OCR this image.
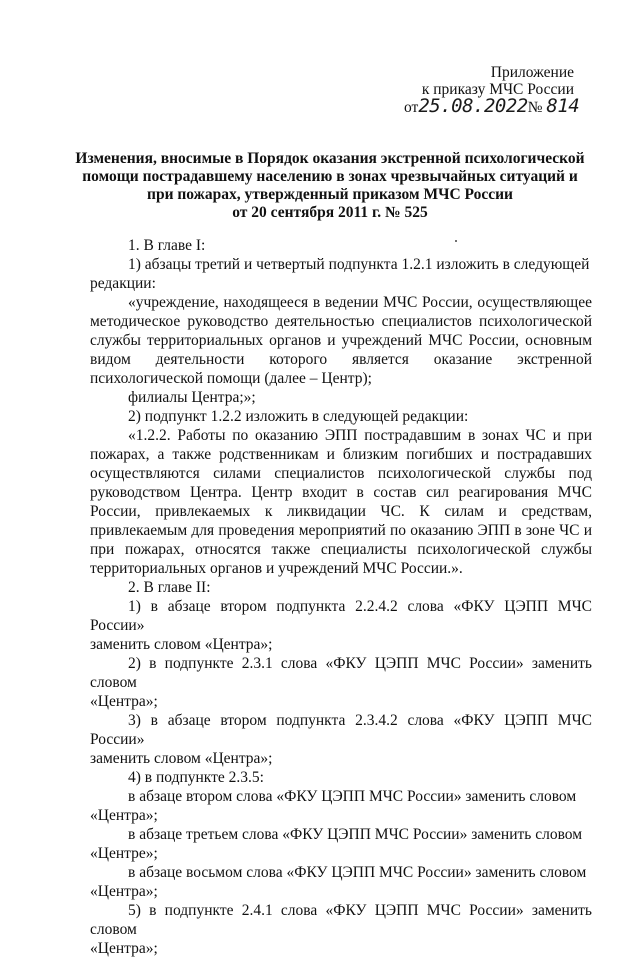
Приложение
к приказу МЧС России
от25.08.2022№ 814
Изменения, вносимые в Порядок оказания экстренной психологической
помощи пострадавшему населению в зонах чрезвычайных ситуаций и
при пожарах, утвержденный приказом МЧС России
от 20 сентября 2011 г. № 525

1. В главе I:

1) абзацы третий и четвертый подпункта 1.2.1 изложить в следующей

редакции:

«учреждение, находящееся в ведении МЧС России, осуществляющее методическое руководство деятельностью специалистов психологической службы территориальных органов и учреждений МЧС России, основным видом деятельности которого является оказание экстренной психологической помощи (далее – Центр);

филиалы Центра;»;

2) подпункт 1.2.2 изложить в следующей редакции:

«1.2.2. Работы по оказанию ЭПП пострадавшим в зонах ЧС и при пожарах, а также родственникам и близким погибших и пострадавших осуществляются силами специалистов психологической службы под руководством Центра. Центр входит в состав сил реагирования МЧС России, привлекаемых к ликвидации ЧС. К силам и средствам, привлекаемым для проведения мероприятий по оказанию ЭПП в зоне ЧС и при пожарах, относятся также специалисты психологической службы территориальных органов и учреждений МЧС России.».

2. В главе II:

1) в абзаце втором подпункта 2.2.4.2 слова «ФКУ ЦЭПП МЧС России»

заменить словом «Центра»;

2) в подпункте 2.3.1 слова «ФКУ ЦЭПП МЧС России» заменить словом

«Центра»;

3) в абзаце втором подпункта 2.3.4.2 слова «ФКУ ЦЭПП МЧС России»

заменить словом «Центра»;

4) в подпункте 2.3.5:

в абзаце втором слова «ФКУ ЦЭПП МЧС России» заменить словом

«Центра»;

в абзаце третьем слова «ФКУ ЦЭПП МЧС России» заменить словом

«Центре»;

в абзаце восьмом слова «ФКУ ЦЭПП МЧС России» заменить словом

«Центра»;

5) в подпункте 2.4.1 слова «ФКУ ЦЭПП МЧС России» заменить словом

«Центра»;
